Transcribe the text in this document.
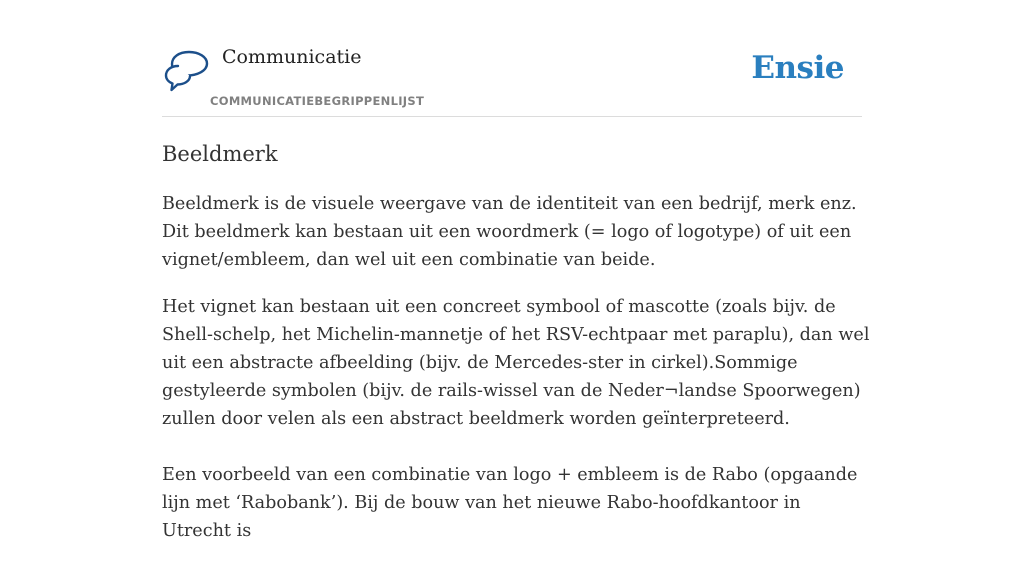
Communicatie
COMMUNICATIEBEGRIPPENLIJST
Ensie
Beeldmerk

Beeldmerk is de visuele weergave van de identiteit van een bedrijf, merk enz. Dit beeldmerk kan bestaan uit een woordmerk (= logo of logotype) of uit een vignet/embleem, dan wel uit een combinatie van beide.

Het vignet kan bestaan uit een concreet symbool of mascotte (zoals bijv. de Shell-schelp, het Michelin-mannetje of het RSV-echtpaar met paraplu), dan wel uit een abstracte afbeelding (bijv. de Mercedes-ster in cirkel).Sommige gestyleerde symbolen (bijv. de rails-wissel van de Neder¬landse Spoorwegen) zullen door velen als een abstract beeldmerk worden geïnterpreteerd.

Een voorbeeld van een combinatie van logo + embleem is de Rabo (opgaande lijn met ‘Rabobank’). Bij de bouw van het nieuwe Rabo-hoofdkantoor in Utrecht is
